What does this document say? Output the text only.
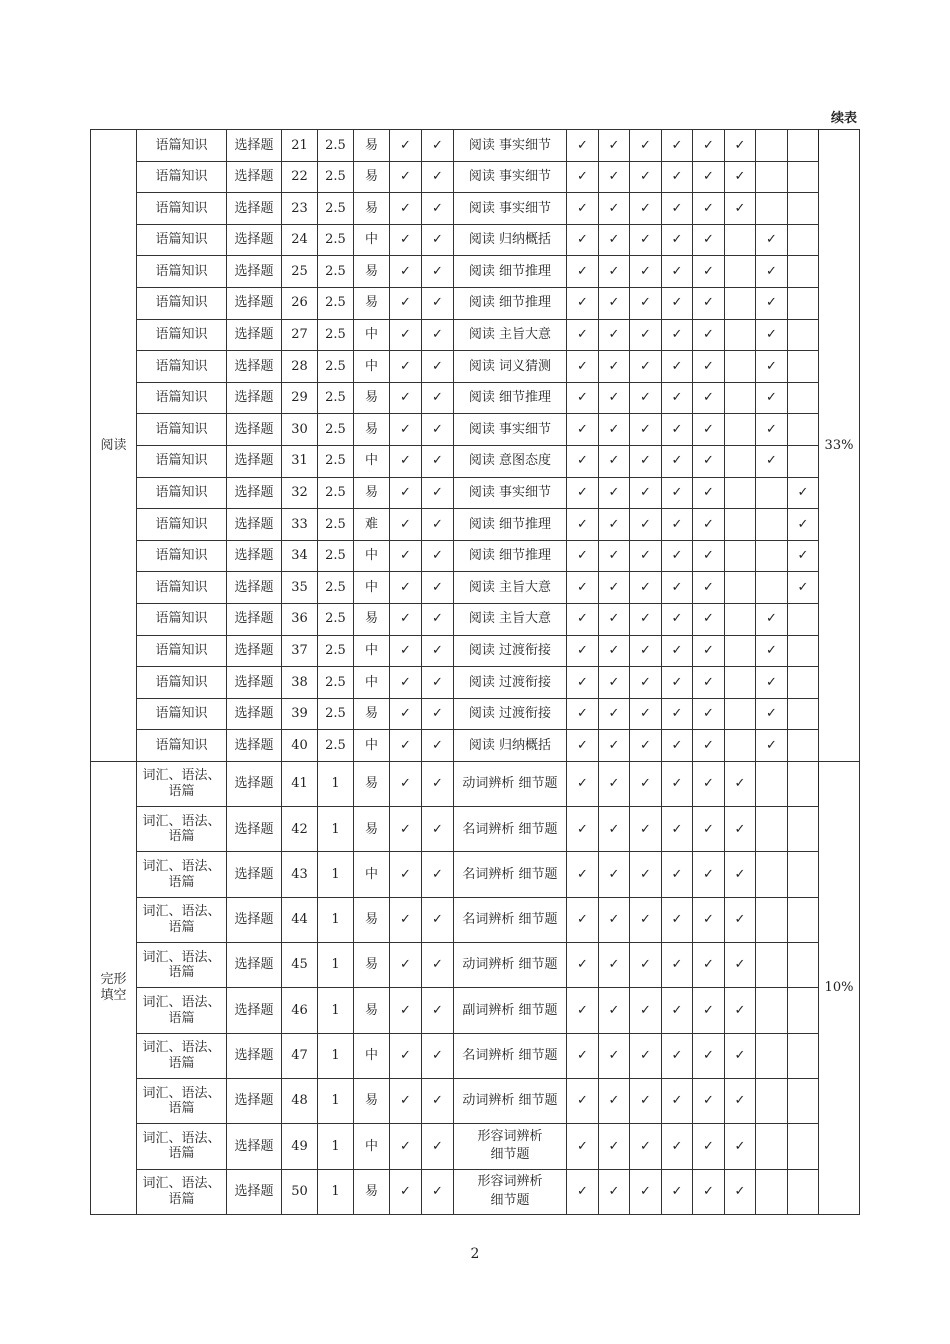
续表
阅读	语篇知识	选择题	21	2.5	易	✓	✓	阅读 事实细节	✓	✓	✓	✓	✓	✓			33%
	语篇知识	选择题	22	2.5	易	✓	✓	阅读 事实细节	✓	✓	✓	✓	✓	✓			
	语篇知识	选择题	23	2.5	易	✓	✓	阅读 事实细节	✓	✓	✓	✓	✓	✓			
	语篇知识	选择题	24	2.5	中	✓	✓	阅读 归纳概括	✓	✓	✓	✓	✓		✓		
	语篇知识	选择题	25	2.5	易	✓	✓	阅读 细节推理	✓	✓	✓	✓	✓		✓		
	语篇知识	选择题	26	2.5	易	✓	✓	阅读 细节推理	✓	✓	✓	✓	✓		✓		
	语篇知识	选择题	27	2.5	中	✓	✓	阅读 主旨大意	✓	✓	✓	✓	✓		✓		
	语篇知识	选择题	28	2.5	中	✓	✓	阅读 词义猜测	✓	✓	✓	✓	✓		✓		
	语篇知识	选择题	29	2.5	易	✓	✓	阅读 细节推理	✓	✓	✓	✓	✓		✓		
	语篇知识	选择题	30	2.5	易	✓	✓	阅读 事实细节	✓	✓	✓	✓	✓		✓		
	语篇知识	选择题	31	2.5	中	✓	✓	阅读 意图态度	✓	✓	✓	✓	✓		✓		
	语篇知识	选择题	32	2.5	易	✓	✓	阅读 事实细节	✓	✓	✓	✓	✓			✓	
	语篇知识	选择题	33	2.5	难	✓	✓	阅读 细节推理	✓	✓	✓	✓	✓			✓	
	语篇知识	选择题	34	2.5	中	✓	✓	阅读 细节推理	✓	✓	✓	✓	✓			✓	
	语篇知识	选择题	35	2.5	中	✓	✓	阅读 主旨大意	✓	✓	✓	✓	✓			✓	
	语篇知识	选择题	36	2.5	易	✓	✓	阅读 主旨大意	✓	✓	✓	✓	✓		✓		
	语篇知识	选择题	37	2.5	中	✓	✓	阅读 过渡衔接	✓	✓	✓	✓	✓		✓		
	语篇知识	选择题	38	2.5	中	✓	✓	阅读 过渡衔接	✓	✓	✓	✓	✓		✓		
	语篇知识	选择题	39	2.5	易	✓	✓	阅读 过渡衔接	✓	✓	✓	✓	✓		✓		
	语篇知识	选择题	40	2.5	中	✓	✓	阅读 归纳概括	✓	✓	✓	✓	✓		✓		
完形填空	词汇、语法、语篇	选择题	41	1	易	✓	✓	动词辨析 细节题	✓	✓	✓	✓	✓	✓			10%
	词汇、语法、语篇	选择题	42	1	易	✓	✓	名词辨析 细节题	✓	✓	✓	✓	✓	✓			
	词汇、语法、语篇	选择题	43	1	中	✓	✓	名词辨析 细节题	✓	✓	✓	✓	✓	✓			
	词汇、语法、语篇	选择题	44	1	易	✓	✓	名词辨析 细节题	✓	✓	✓	✓	✓	✓			
	词汇、语法、语篇	选择题	45	1	易	✓	✓	动词辨析 细节题	✓	✓	✓	✓	✓	✓			
	词汇、语法、语篇	选择题	46	1	易	✓	✓	副词辨析 细节题	✓	✓	✓	✓	✓	✓			
	词汇、语法、语篇	选择题	47	1	中	✓	✓	名词辨析 细节题	✓	✓	✓	✓	✓	✓			
	词汇、语法、语篇	选择题	48	1	易	✓	✓	动词辨析 细节题	✓	✓	✓	✓	✓	✓			
	词汇、语法、语篇	选择题	49	1	中	✓	✓	形容词辨析 细节题	✓	✓	✓	✓	✓	✓			
	词汇、语法、语篇	选择题	50	1	易	✓	✓	形容词辨析 细节题	✓	✓	✓	✓	✓	✓			
2
